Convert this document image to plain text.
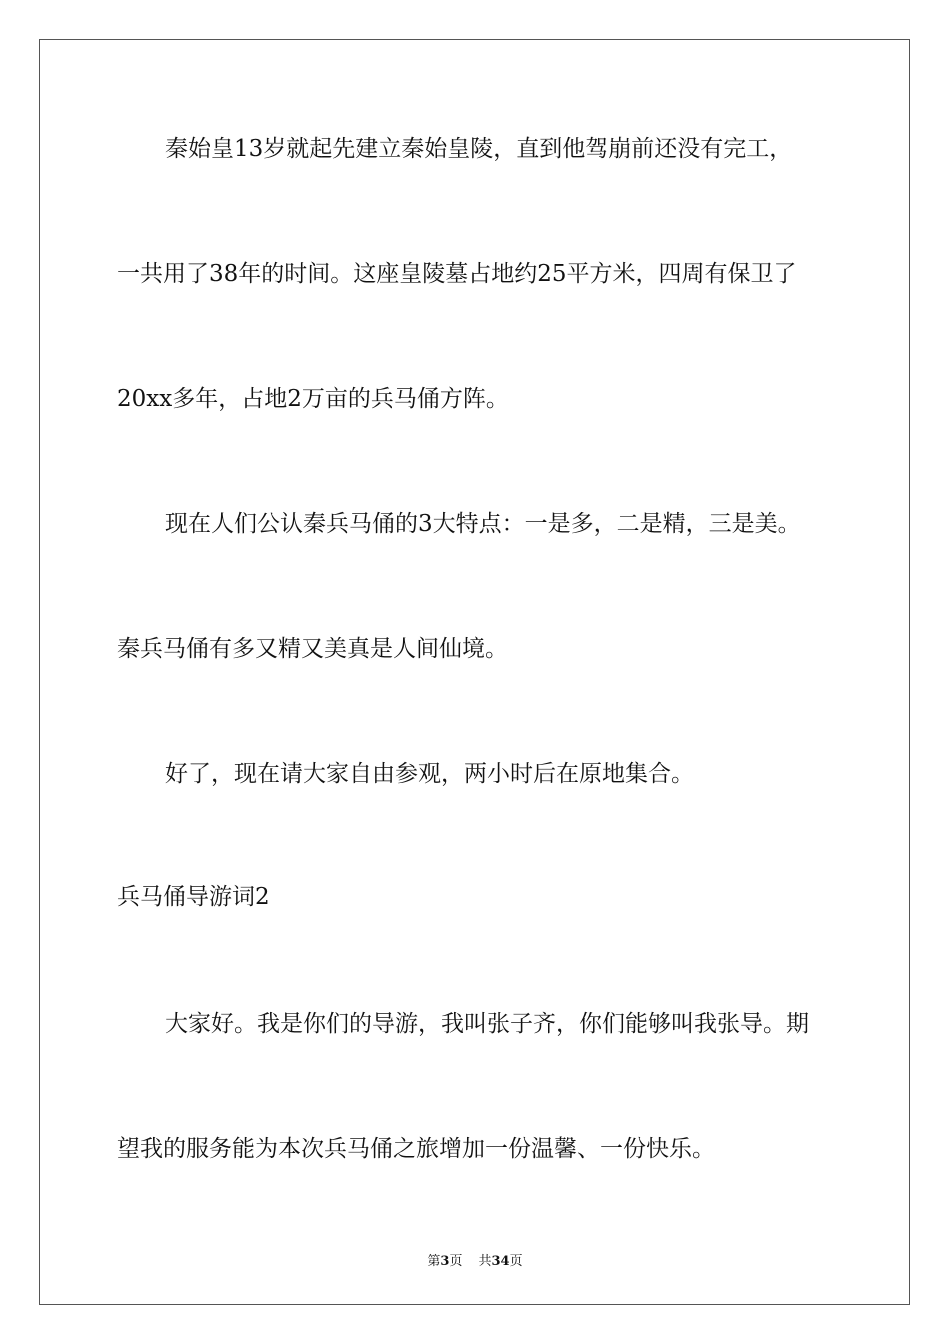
秦始皇13岁就起先建立秦始皇陵，直到他驾崩前还没有完工，
一共用了38年的时间。这座皇陵墓占地约25平方米，四周有保卫了
20xx多年，占地2万亩的兵马俑方阵。
现在人们公认秦兵马俑的3大特点：一是多，二是精，三是美。
秦兵马俑有多又精又美真是人间仙境。
好了，现在请大家自由参观，两小时后在原地集合。
兵马俑导游词2
大家好。我是你们的导游，我叫张子齐，你们能够叫我张导。期
望我的服务能为本次兵马俑之旅增加一份温馨、一份快乐。
第3页 共34页
